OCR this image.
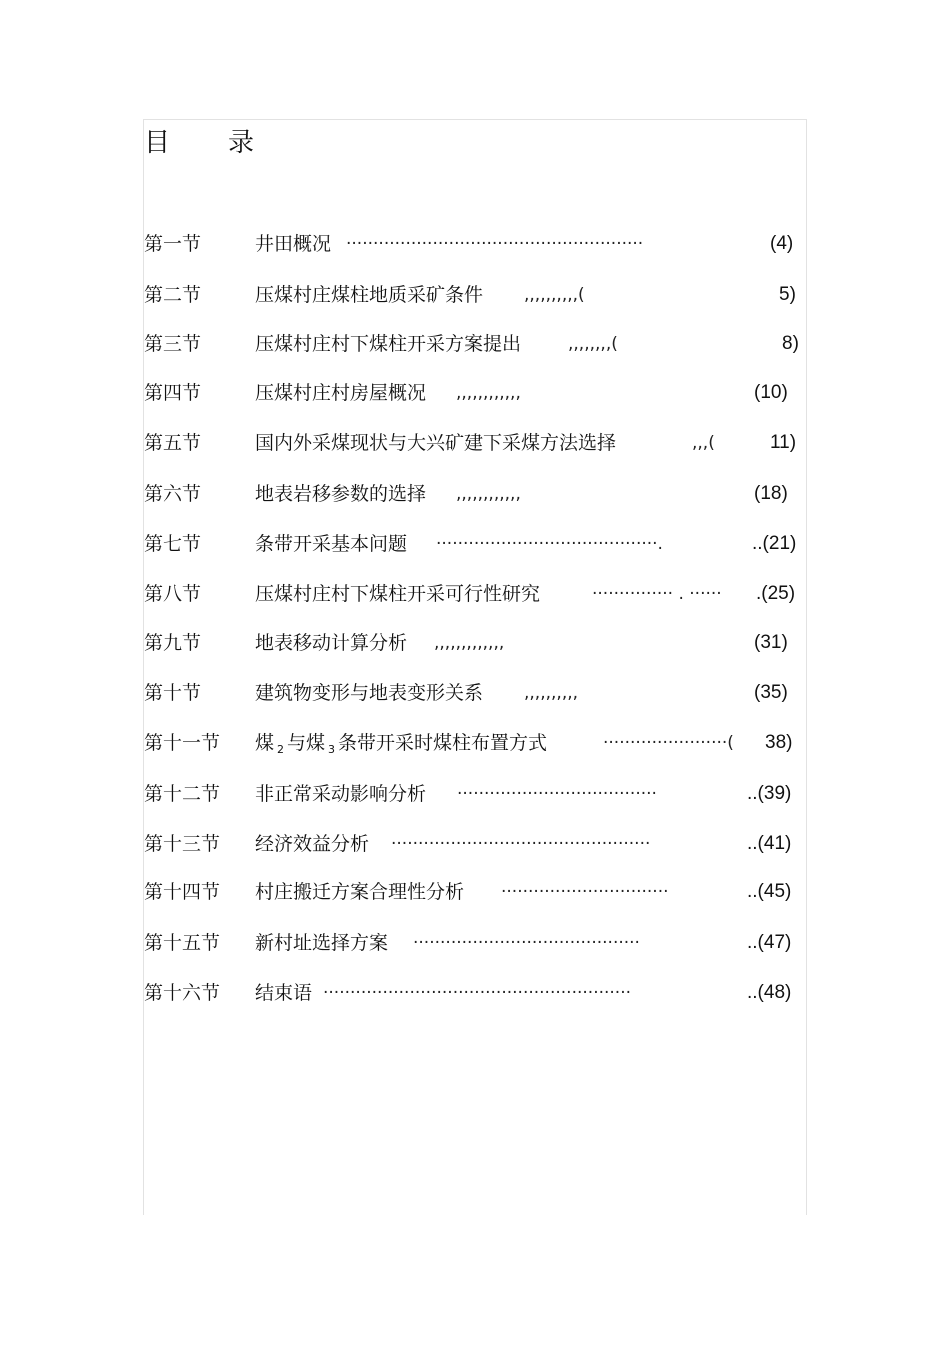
目 录
第一节	井田概况 ·······················································	(4)
第二节	压煤村庄煤柱地质采矿条件 ,,,,,,,,,,(	5)
第三节	压煤村庄村下煤柱开采方案提出	,,,,,,,,(	8)
第四节	压煤村庄村房屋概况 ,,,,,,,,,,,,	(10)
第五节	国内外采煤现状与大兴矿建下采煤方法选择	,,,(	11)
第六节	地表岩移参数的选择 ,,,,,,,,,,,,	(18)
第七节	条带开采基本问题 ·········································.	..(21)
第八节	压煤村庄村下煤柱开采可行性研究	··············· . ······ .(25)
第九节	地表移动计算分析 ,,,,,,,,,,,,,	(31)
第十节	建筑物变形与地表变形关系 ,,,,,,,,,,	(35)
第十一节 煤 $_2$ 与煤 $_3$ 条带开采时煤柱布置方式	·······················( 38)
第十二节 非正常采动影响分析 ·····································	..(39)
第十三节 经济效益分析 ················································	..(41)
第十四节 村庄搬迁方案合理性分析 ·······························	..(45)
第十五节 新村址选择方案 ··········································	..(47)
第十六节 结束语 ·························································	..(48)
